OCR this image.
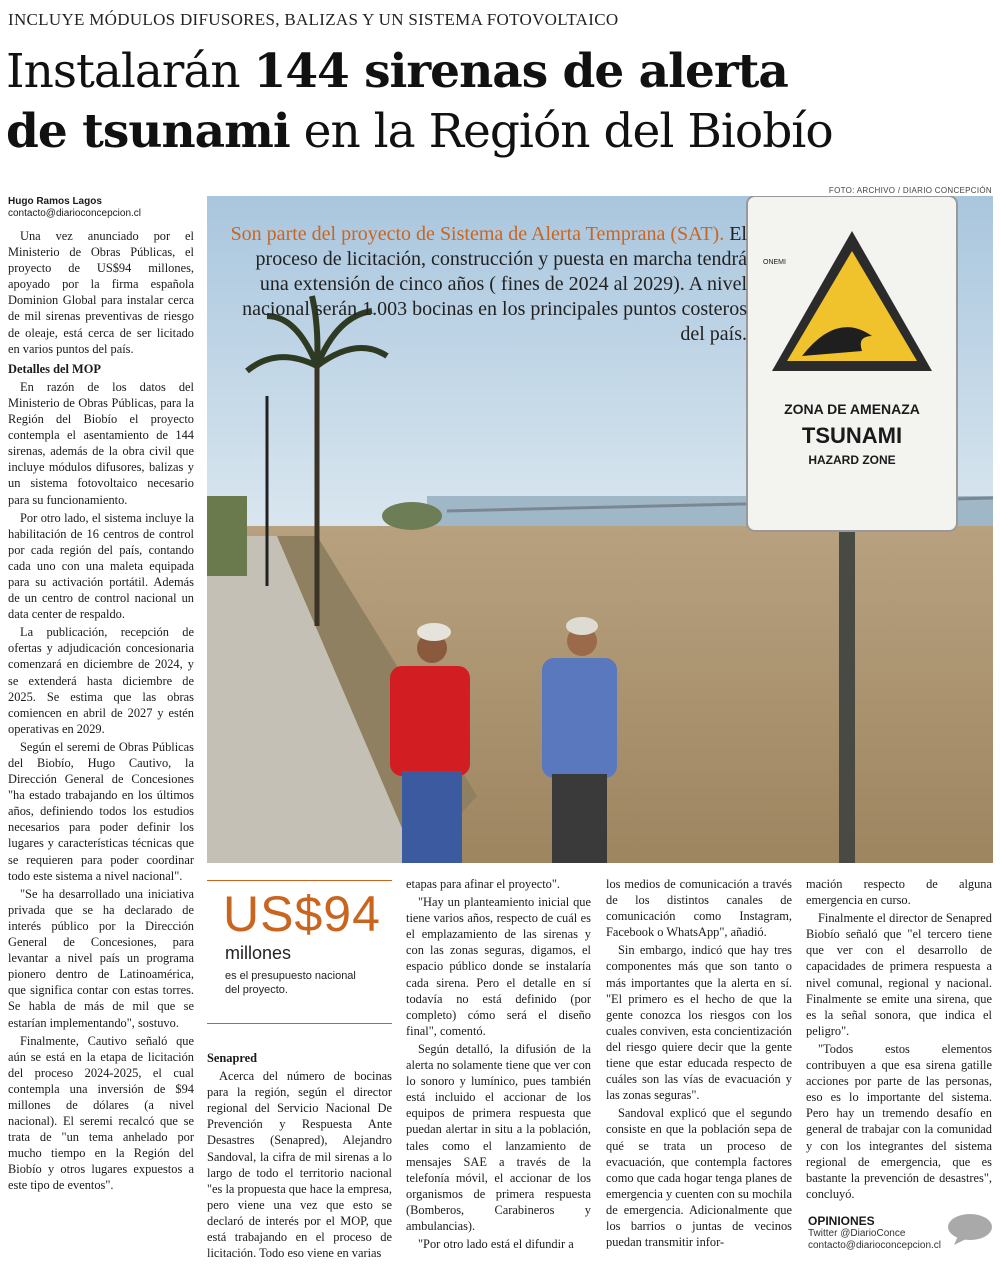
INCLUYE MÓDULOS DIFUSORES, BALIZAS Y UN SISTEMA FOTOVOLTAICO
Instalarán 144 sirenas de alerta
de tsunami en la Región del Biobío
Hugo Ramos Lagos
contacto@diarioconcepcion.cl
FOTO: ARCHIVO / DIARIO CONCEPCIÓN
ZONA DE AMENAZA
TSUNAMI
HAZARD ZONE
ONEMI
Son parte del proyecto de Sistema de Alerta Temprana (SAT). El proceso de licitación, construcción y puesta en marcha tendrá una extensión de cinco años ( fines de 2024 al 2029). A nivel nacional serán 1.003 bocinas en los principales puntos costeros del país.

Una vez anunciado por el Ministerio de Obras Públicas, el proyecto de US$94 millones, apoyado por la firma española Dominion Global para instalar cerca de mil sirenas preventivas de riesgo de oleaje, está cerca de ser licitado en varios puntos del país.

Detalles del MOP

En razón de los datos del Ministerio de Obras Públicas, para la Región del Biobío el proyecto contempla el asentamiento de 144 sirenas, además de la obra civil que incluye módulos difusores, balizas y un sistema fotovoltaico necesario para su funcionamiento.

Por otro lado, el sistema incluye la habilitación de 16 centros de control por cada región del país, contando cada uno con una maleta equipada para su activación portátil. Además de un centro de control nacional un data center de respaldo.

La publicación, recepción de ofertas y adjudicación concesionaria comenzará en diciembre de 2024, y se extenderá hasta diciembre de 2025. Se estima que las obras comiencen en abril de 2027 y estén operativas en 2029.

Según el seremi de Obras Públicas del Biobío, Hugo Cautivo, la Dirección General de Concesiones "ha estado trabajando en los últimos años, definiendo todos los estudios necesarios para poder definir los lugares y características técnicas que se requieren para poder coordinar todo este sistema a nivel nacional".

"Se ha desarrollado una iniciativa privada que se ha declarado de interés público por la Dirección General de Concesiones, para levantar a nivel país un programa pionero dentro de Latinoamérica, que significa contar con estas torres. Se habla de más de mil que se estarían implementando", sostuvo.

Finalmente, Cautivo señaló que aún se está en la etapa de licitación del proceso 2024-2025, el cual contempla una inversión de $94 millones de dólares (a nivel nacional). El seremi recalcó que se trata de "un tema anhelado por mucho tiempo en la Región del Biobío y otros lugares expuestos a este tipo de eventos".

US$94
millones
es el presupuesto nacional
del proyecto.
Senapred

Acerca del número de bocinas para la región, según el director regional del Servicio Nacional De Prevención y Respuesta Ante Desastres (Senapred), Alejandro Sandoval, la cifra de mil sirenas a lo largo de todo el territorio nacional "es la propuesta que hace la empresa, pero viene una vez que esto se declaró de interés por el MOP, que está trabajando en el proceso de licitación. Todo eso viene en varias

etapas para afinar el proyecto".

"Hay un planteamiento inicial que tiene varios años, respecto de cuál es el emplazamiento de las sirenas y con las zonas seguras, digamos, el espacio público donde se instalaría cada sirena. Pero el detalle en sí todavía no está definido (por completo) cómo será el diseño final", comentó.

Según detalló, la difusión de la alerta no solamente tiene que ver con lo sonoro y lumínico, pues también está incluido el accionar de los equipos de primera respuesta que puedan alertar in situ a la población, tales como el lanzamiento de mensajes SAE a través de la telefonía móvil, el accionar de los organismos de primera respuesta (Bomberos, Carabineros y ambulancias).

"Por otro lado está el difundir a

los medios de comunicación a través de los distintos canales de comunicación como Instagram, Facebook o WhatsApp", añadió.

Sin embargo, indicó que hay tres componentes más que son tanto o más importantes que la alerta en sí. "El primero es el hecho de que la gente conozca los riesgos con los cuales conviven, esta concientización del riesgo quiere decir que la gente tiene que estar educada respecto de cuáles son las vías de evacuación y las zonas seguras".

Sandoval explicó que el segundo consiste en que la población sepa de qué se trata un proceso de evacuación, que contempla factores como que cada hogar tenga planes de emergencia y cuenten con su mochila de emergencia. Adicionalmente que los barrios o juntas de vecinos puedan transmitir infor-

mación respecto de alguna emergencia en curso.

Finalmente el director de Senapred Biobío señaló que "el tercero tiene que ver con el desarrollo de capacidades de primera respuesta a nivel comunal, regional y nacional. Finalmente se emite una sirena, que es la señal sonora, que indica el peligro".

"Todos estos elementos contribuyen a que esa sirena gatille acciones por parte de las personas, eso es lo importante del sistema. Pero hay un tremendo desafío en general de trabajar con la comunidad y con los integrantes del sistema regional de emergencia, que es bastante la prevención de desastres", concluyó.

OPINIONES
Twitter @DiarioConce
contacto@diarioconcepcion.cl
